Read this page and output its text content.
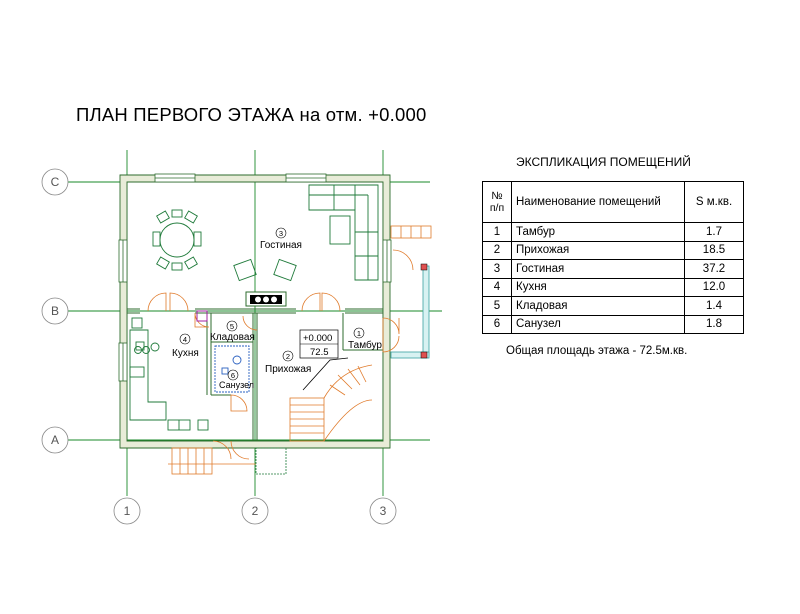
ПЛАН ПЕРВОГО ЭТАЖА на отм. +0.000
C
B
A
1	2	3
1
Тамбур
2
Прихожая
3
Гостиная
4
Кухня
5
Кладовая
6
Санузел
+0.000
72.5
ЭКСПЛИКАЦИЯ ПОМЕЩЕНИЙ
№ п/п	Наименование помещений	S м.кв.
1	Тамбур	1.7
2	Прихожая	18.5
3	Гостиная	37.2
4	Кухня	12.0
5	Кладовая	1.4
6	Санузел	1.8
Общая площадь этажа - 72.5м.кв.
